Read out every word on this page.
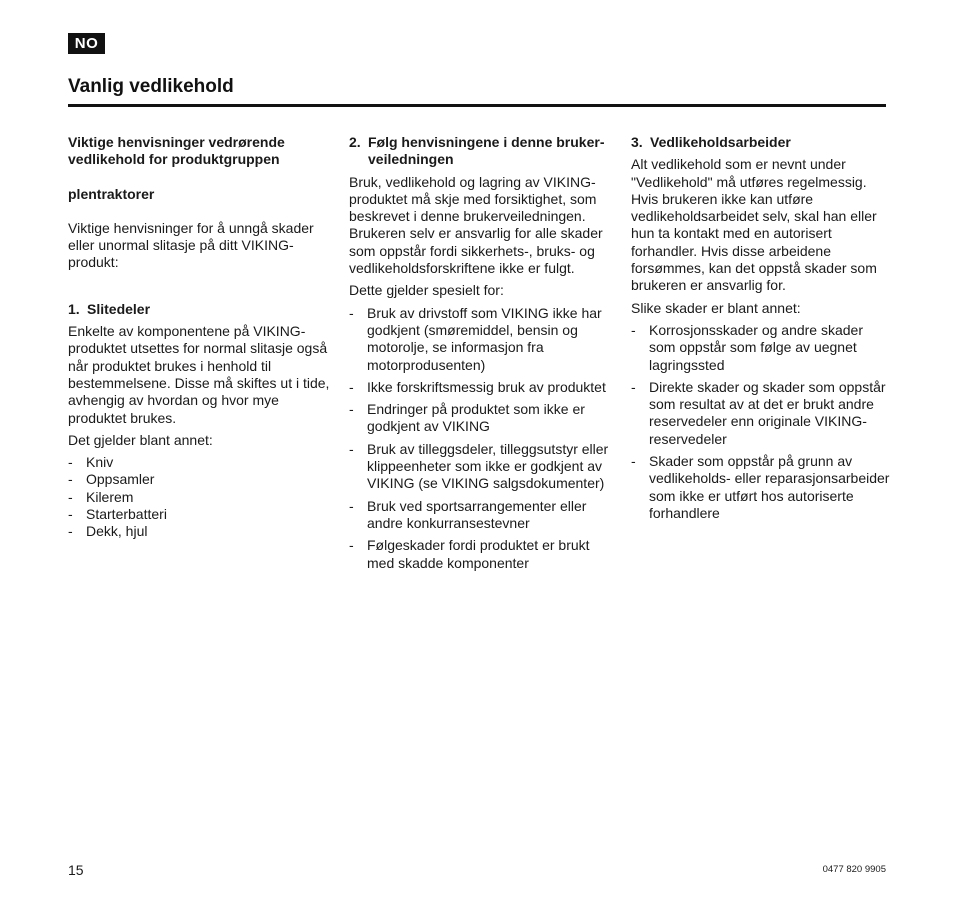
NO
Vanlig vedlikehold
Viktige henvisninger vedrørende vedlikehold for produktgruppen
plentraktorer
Viktige henvisninger for å unngå skader eller unormal slitasje på ditt VIKING-produkt:
1. Slitedeler
Enkelte av komponentene på VIKING-produktet utsettes for normal slitasje også når produktet brukes i henhold til bestemmelsene. Disse må skiftes ut i tide, avhengig av hvordan og hvor mye produktet brukes.
Det gjelder blant annet:
- Kniv
- Oppsamler
- Kilerem
- Starterbatteri
- Dekk, hjul
2. Følg henvisningene i denne brukerveiledningen
Bruk, vedlikehold og lagring av VIKING-produktet må skje med forsiktighet, som beskrevet i denne brukerveiledningen. Brukeren selv er ansvarlig for alle skader som oppstår fordi sikkerhets-, bruks- og vedlikeholdsforskriftene ikke er fulgt.
Dette gjelder spesielt for:
- Bruk av drivstoff som VIKING ikke har godkjent (smøremiddel, bensin og motorolje, se informasjon fra motorprodusenten)
- Ikke forskriftsmessig bruk av produktet
- Endringer på produktet som ikke er godkjent av VIKING
- Bruk av tilleggsdeler, tilleggsutstyr eller klippeenheter som ikke er godkjent av VIKING (se VIKING salgsdokumenter)
- Bruk ved sportsarrangementer eller andre konkurransestevner
- Følgeskader fordi produktet er brukt med skadde komponenter
3. Vedlikeholdsarbeider
Alt vedlikehold som er nevnt under "Vedlikehold" må utføres regelmessig. Hvis brukeren ikke kan utføre vedlikeholdsarbeidet selv, skal han eller hun ta kontakt med en autorisert forhandler. Hvis disse arbeidene forsømmes, kan det oppstå skader som brukeren er ansvarlig for.
Slike skader er blant annet:
- Korrosjonsskader og andre skader som oppstår som følge av uegnet lagringssted
- Direkte skader og skader som oppstår som resultat av at det er brukt andre reservedeler enn originale VIKING-reservedeler
- Skader som oppstår på grunn av vedlikeholds- eller reparasjonsarbeider som ikke er utført hos autoriserte forhandlere
15	0477 820 9905
